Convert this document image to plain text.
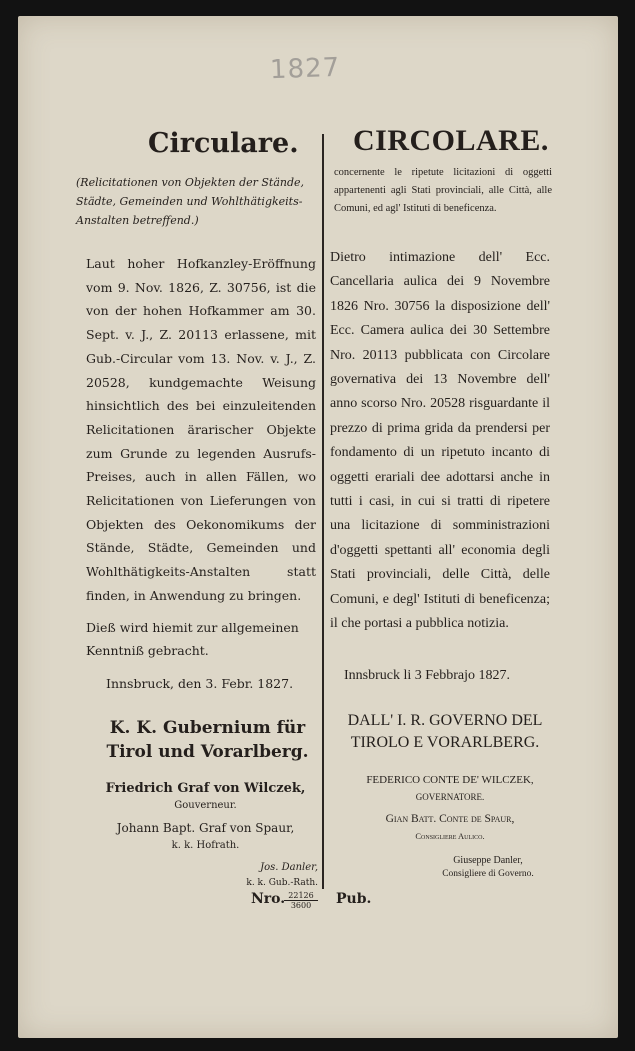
1827
Circulare.

(Relicitationen von Objekten der Stände, Städte, Gemeinden und Wohlthätigkeits-Anstalten betreffend.)

Laut hoher Hofkanzley-Eröffnung vom 9. Nov. 1826, Z. 30756, ist die von der hohen Hofkammer am 30. Sept. v. J., Z. 20113 erlassene, mit Gub.-Circular vom 13. Nov. v. J., Z. 20528, kundgemachte Weisung hinsichtlich des bei einzuleitenden Relicitationen ärarischer Objekte zum Grunde zu legenden Ausrufs-Preises, auch in allen Fällen, wo Relicitationen von Lieferungen von Objekten des Oekonomikums der Stände, Städte, Gemeinden und Wohlthätigkeits-Anstalten statt finden, in Anwendung zu bringen.

Dieß wird hiemit zur allgemeinen Kenntniß gebracht.

Innsbruck, den 3. Febr. 1827.

K. K. Gubernium für Tirol und Vorarlberg.

Friedrich Graf von Wilczek,

Gouverneur.

Johann Bapt. Graf von Spaur,

k. k. Hofrath.

Jos. Danler,

k. k. Gub.-Rath.

CIRCOLARE.

concernente le ripetute licitazioni di oggetti appartenenti agli Stati provinciali, alle Città, alle Comuni, ed agl' Istituti di beneficenza.

Dietro intimazione dell' Ecc. Cancellaria aulica dei 9 Novembre 1826 Nro. 30756 la disposizione dell' Ecc. Camera aulica dei 30 Settembre Nro. 20113 pubblicata con Circolare governativa dei 13 Novembre dell' anno scorso Nro. 20528 risguardante il prezzo di prima grida da prendersi per fondamento di un ripetuto incanto di oggetti erariali dee adottarsi anche in tutti i casi, in cui si tratti di ripetere una licitazione di somministrazioni d'oggetti spettanti all' economia degli Stati provinciali, delle Città, delle Comuni, e degl' Istituti di beneficenza; il che portasi a pubblica notizia.

Innsbruck li 3 Febbrajo 1827.

DALL' I. R. GOVERNO DEL TIROLO E VORARLBERG.

FEDERICO CONTE DE' WILCZEK,

GOVERNATORE.

Gian Batt. Conte de Spaur,

Consigliere Aulico.

Giuseppe Danler,

Consigliere di Governo.

Nro.
$\frac{22126}{3600}$ Pub.
